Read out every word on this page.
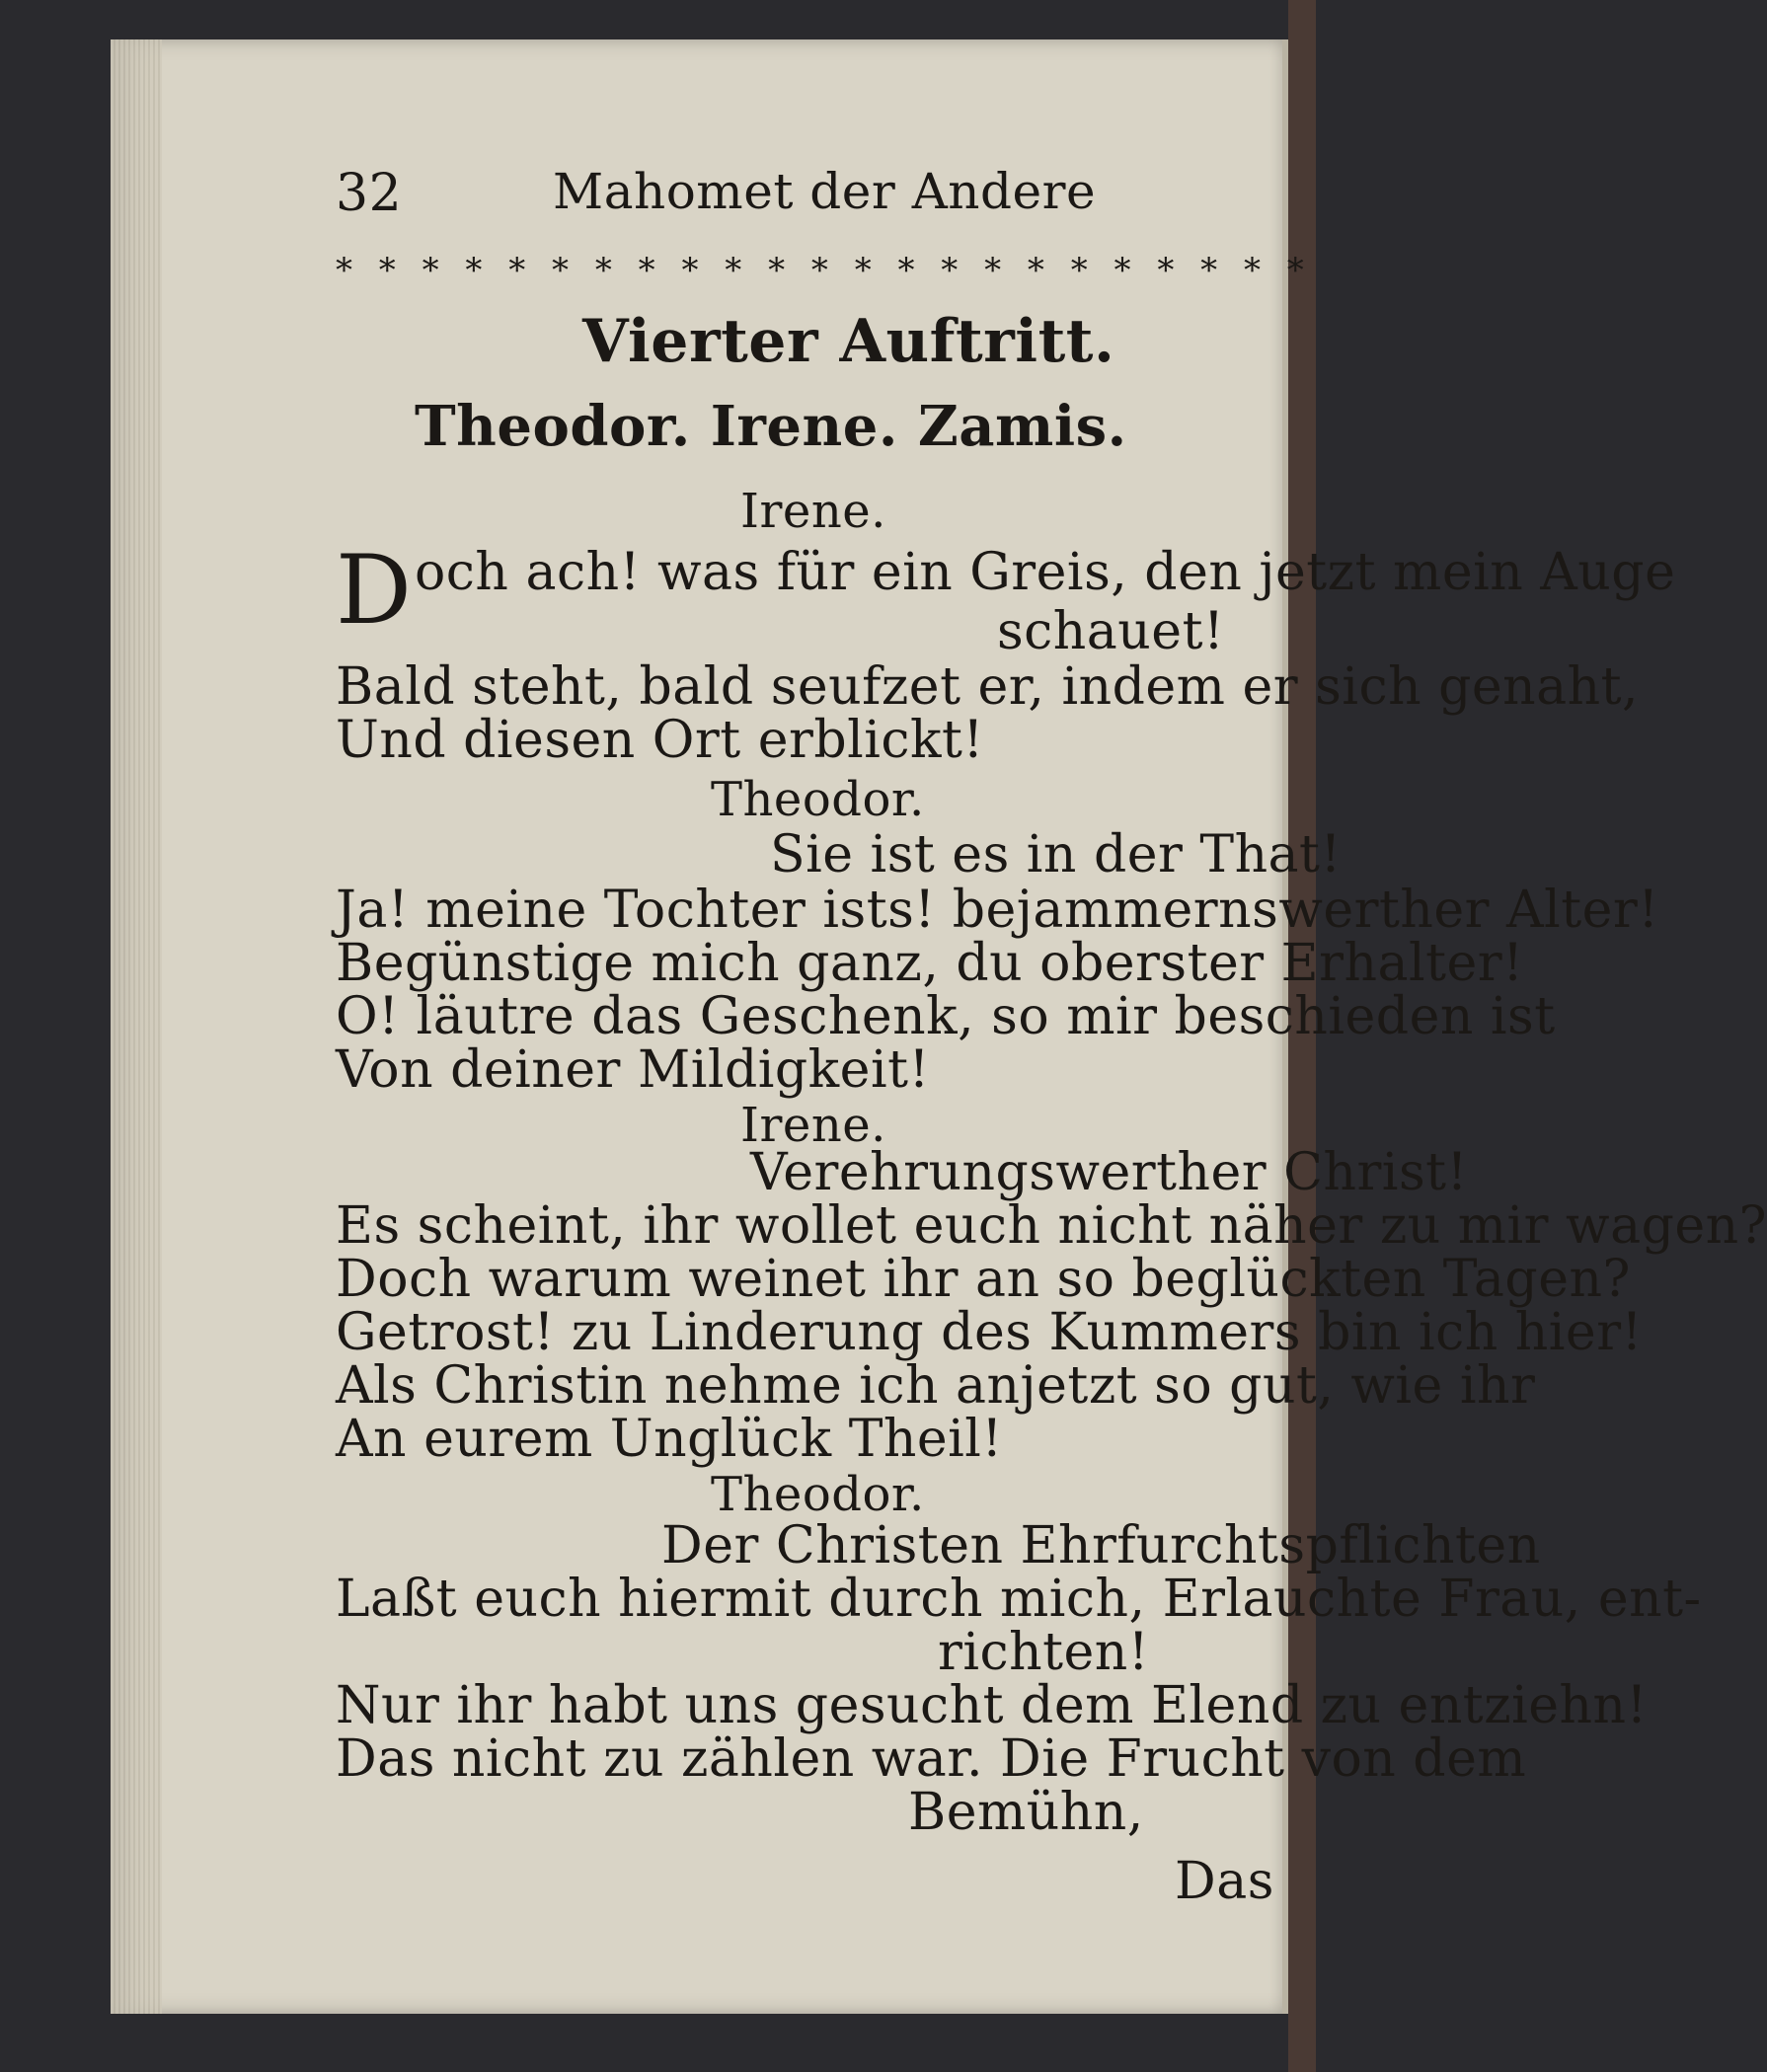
32	Mahomet der Andere
* * * * * * * * * * * * * * * * * * * * * * *
Vierter Auftritt.
Theodor. Irene. Zamis.
Irene.
D och ach! was für ein Greis, den jetzt mein Auge
schauet!
Bald steht, bald seufzet er, indem er sich genaht,
Und diesen Ort erblickt!
Theodor.
Sie ist es in der That!
Ja! meine Tochter ists! bejammernswerther Alter!
Begünstige mich ganz, du oberster Erhalter!
O! läutre das Geschenk, so mir beschieden ist
Von deiner Mildigkeit!
Irene.
Verehrungswerther Christ!
Es scheint, ihr wollet euch nicht näher zu mir wagen?
Doch warum weinet ihr an so beglückten Tagen?
Getrost! zu Linderung des Kummers bin ich hier!
Als Christin nehme ich anjetzt so gut, wie ihr
An eurem Unglück Theil!
Theodor.
Der Christen Ehrfurchtspflichten
Laßt euch hiermit durch mich, Erlauchte Frau, ent-
richten!
Nur ihr habt uns gesucht dem Elend zu entziehn!
Das nicht zu zählen war. Die Frucht von dem
Bemühn,
Das
